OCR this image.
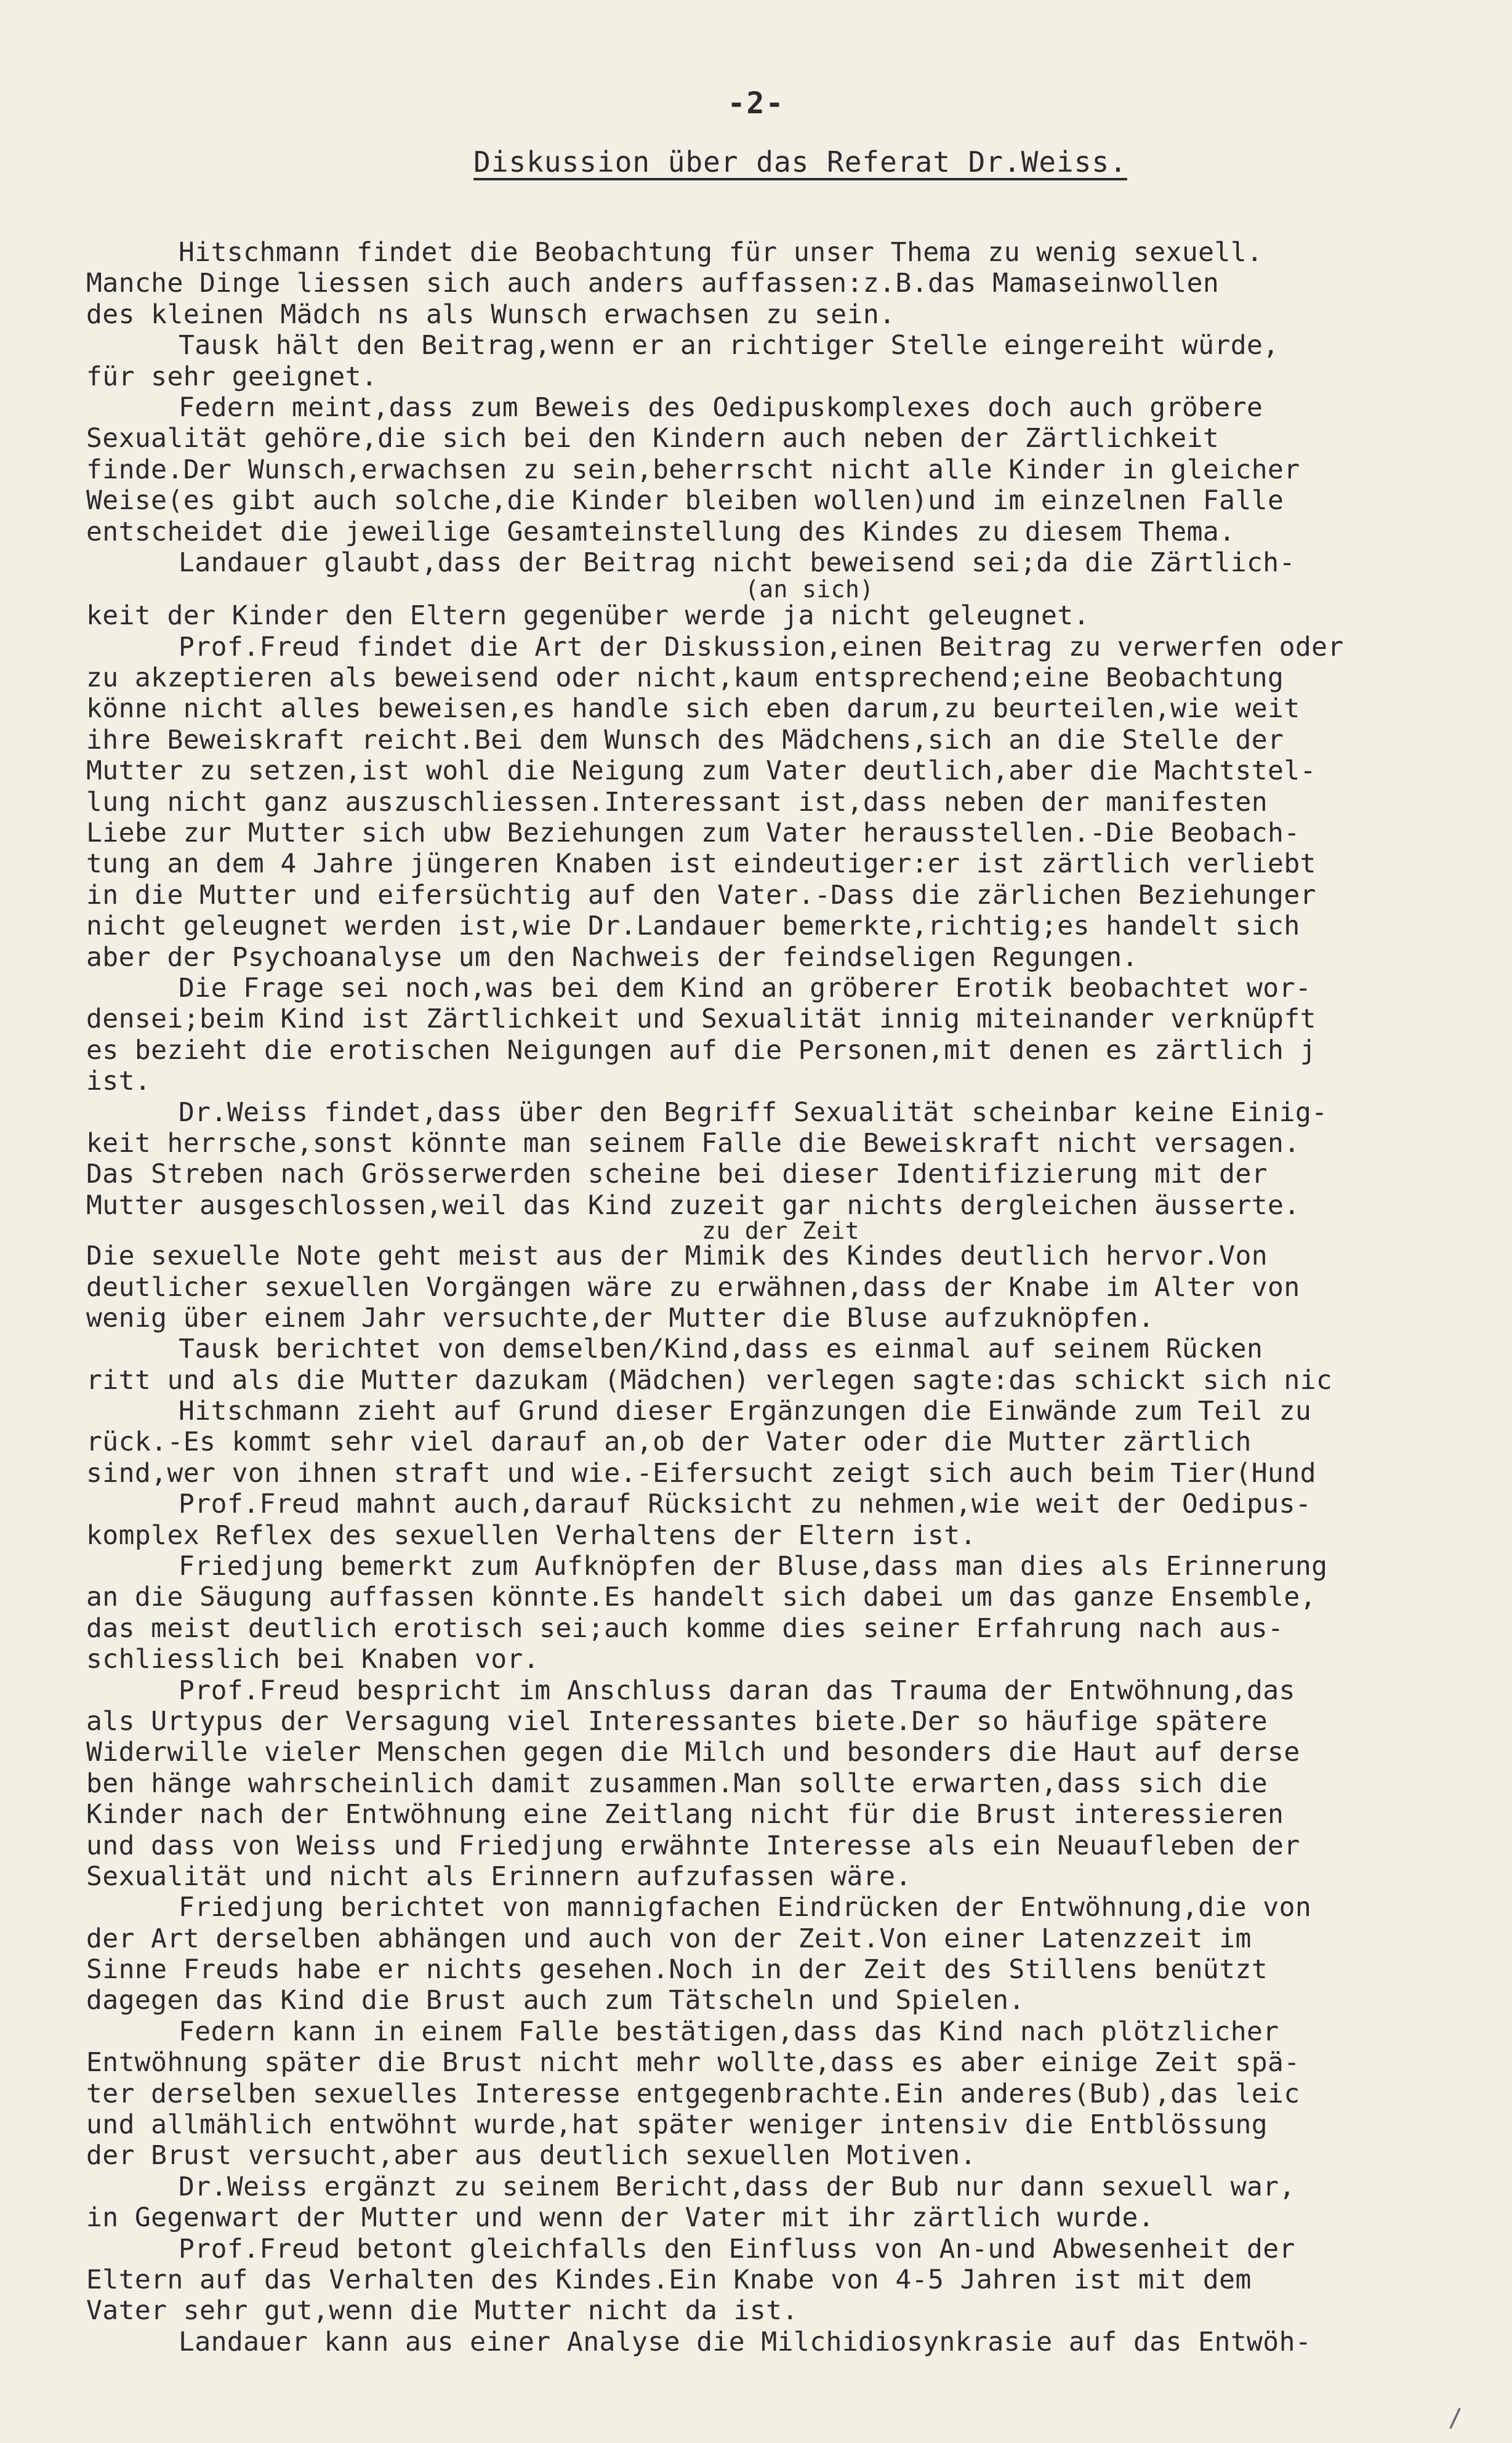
-2-
Diskussion über das Referat Dr.Weiss.
Hitschmann findet die Beobachtung für unser Thema zu wenig sexuell.
Manche Dinge liessen sich auch anders auffassen:z.B.das Mamaseinwollen
des kleinen Mädch ns als Wunsch erwachsen zu sein.
Tausk hält den Beitrag,wenn er an richtiger Stelle eingereiht würde,
für sehr geeignet.
Federn meint,dass zum Beweis des Oedipuskomplexes doch auch gröbere
Sexualität gehöre,die sich bei den Kindern auch neben der Zärtlichkeit
finde.Der Wunsch,erwachsen zu sein,beherrscht nicht alle Kinder in gleicher
Weise(es gibt auch solche,die Kinder bleiben wollen)und im einzelnen Falle
entscheidet die jeweilige Gesamteinstellung des Kindes zu diesem Thema.
Landauer glaubt,dass der Beitrag nicht beweisend sei;da die Zärtlich-
(an sich)
keit der Kinder den Eltern gegenüber werde ja nicht geleugnet.
Prof.Freud findet die Art der Diskussion,einen Beitrag zu verwerfen oder
zu akzeptieren als beweisend oder nicht,kaum entsprechend;eine Beobachtung
könne nicht alles beweisen,es handle sich eben darum,zu beurteilen,wie weit
ihre Beweiskraft reicht.Bei dem Wunsch des Mädchens,sich an die Stelle der
Mutter zu setzen,ist wohl die Neigung zum Vater deutlich,aber die Machtstel-
lung nicht ganz auszuschliessen.Interessant ist,dass neben der manifesten
Liebe zur Mutter sich ubw Beziehungen zum Vater herausstellen.-Die Beobach-
tung an dem 4 Jahre jüngeren Knaben ist eindeutiger:er ist zärtlich verliebt
in die Mutter und eifersüchtig auf den Vater.-Dass die zärlichen Beziehunger
nicht geleugnet werden ist,wie Dr.Landauer bemerkte,richtig;es handelt sich
aber der Psychoanalyse um den Nachweis der feindseligen Regungen.
Die Frage sei noch,was bei dem Kind an gröberer Erotik beobachtet wor-
densei;beim Kind ist Zärtlichkeit und Sexualität innig miteinander verknüpft
es bezieht die erotischen Neigungen auf die Personen,mit denen es zärtlich j
ist.
Dr.Weiss findet,dass über den Begriff Sexualität scheinbar keine Einig-
keit herrsche,sonst könnte man seinem Falle die Beweiskraft nicht versagen.
Das Streben nach Grösserwerden scheine bei dieser Identifizierung mit der
Mutter ausgeschlossen,weil das Kind zuzeit gar nichts dergleichen äusserte.
zu der Zeit
Die sexuelle Note geht meist aus der Mimik des Kindes deutlich hervor.Von
deutlicher sexuellen Vorgängen wäre zu erwähnen,dass der Knabe im Alter von
wenig über einem Jahr versuchte,der Mutter die Bluse aufzuknöpfen.
Tausk berichtet von demselben/Kind,dass es einmal auf seinem Rücken
ritt und als die Mutter dazukam (Mädchen) verlegen sagte:das schickt sich nic
Hitschmann zieht auf Grund dieser Ergänzungen die Einwände zum Teil zu
rück.-Es kommt sehr viel darauf an,ob der Vater oder die Mutter zärtlich
sind,wer von ihnen straft und wie.-Eifersucht zeigt sich auch beim Tier(Hund
Prof.Freud mahnt auch,darauf Rücksicht zu nehmen,wie weit der Oedipus-
komplex Reflex des sexuellen Verhaltens der Eltern ist.
Friedjung bemerkt zum Aufknöpfen der Bluse,dass man dies als Erinnerung
an die Säugung auffassen könnte.Es handelt sich dabei um das ganze Ensemble,
das meist deutlich erotisch sei;auch komme dies seiner Erfahrung nach aus-
schliesslich bei Knaben vor.
Prof.Freud bespricht im Anschluss daran das Trauma der Entwöhnung,das
als Urtypus der Versagung viel Interessantes biete.Der so häufige spätere
Widerwille vieler Menschen gegen die Milch und besonders die Haut auf derse
ben hänge wahrscheinlich damit zusammen.Man sollte erwarten,dass sich die
Kinder nach der Entwöhnung eine Zeitlang nicht für die Brust interessieren
und dass von Weiss und Friedjung erwähnte Interesse als ein Neuaufleben der
Sexualität und nicht als Erinnern aufzufassen wäre.
Friedjung berichtet von mannigfachen Eindrücken der Entwöhnung,die von
der Art derselben abhängen und auch von der Zeit.Von einer Latenzzeit im
Sinne Freuds habe er nichts gesehen.Noch in der Zeit des Stillens benützt
dagegen das Kind die Brust auch zum Tätscheln und Spielen.
Federn kann in einem Falle bestätigen,dass das Kind nach plötzlicher
Entwöhnung später die Brust nicht mehr wollte,dass es aber einige Zeit spä-
ter derselben sexuelles Interesse entgegenbrachte.Ein anderes(Bub),das leic
und allmählich entwöhnt wurde,hat später weniger intensiv die Entblössung
der Brust versucht,aber aus deutlich sexuellen Motiven.
Dr.Weiss ergänzt zu seinem Bericht,dass der Bub nur dann sexuell war,
in Gegenwart der Mutter und wenn der Vater mit ihr zärtlich wurde.
Prof.Freud betont gleichfalls den Einfluss von An-und Abwesenheit der
Eltern auf das Verhalten des Kindes.Ein Knabe von 4-5 Jahren ist mit dem
Vater sehr gut,wenn die Mutter nicht da ist.
Landauer kann aus einer Analyse die Milchidiosynkrasie auf das Entwöh-
/
